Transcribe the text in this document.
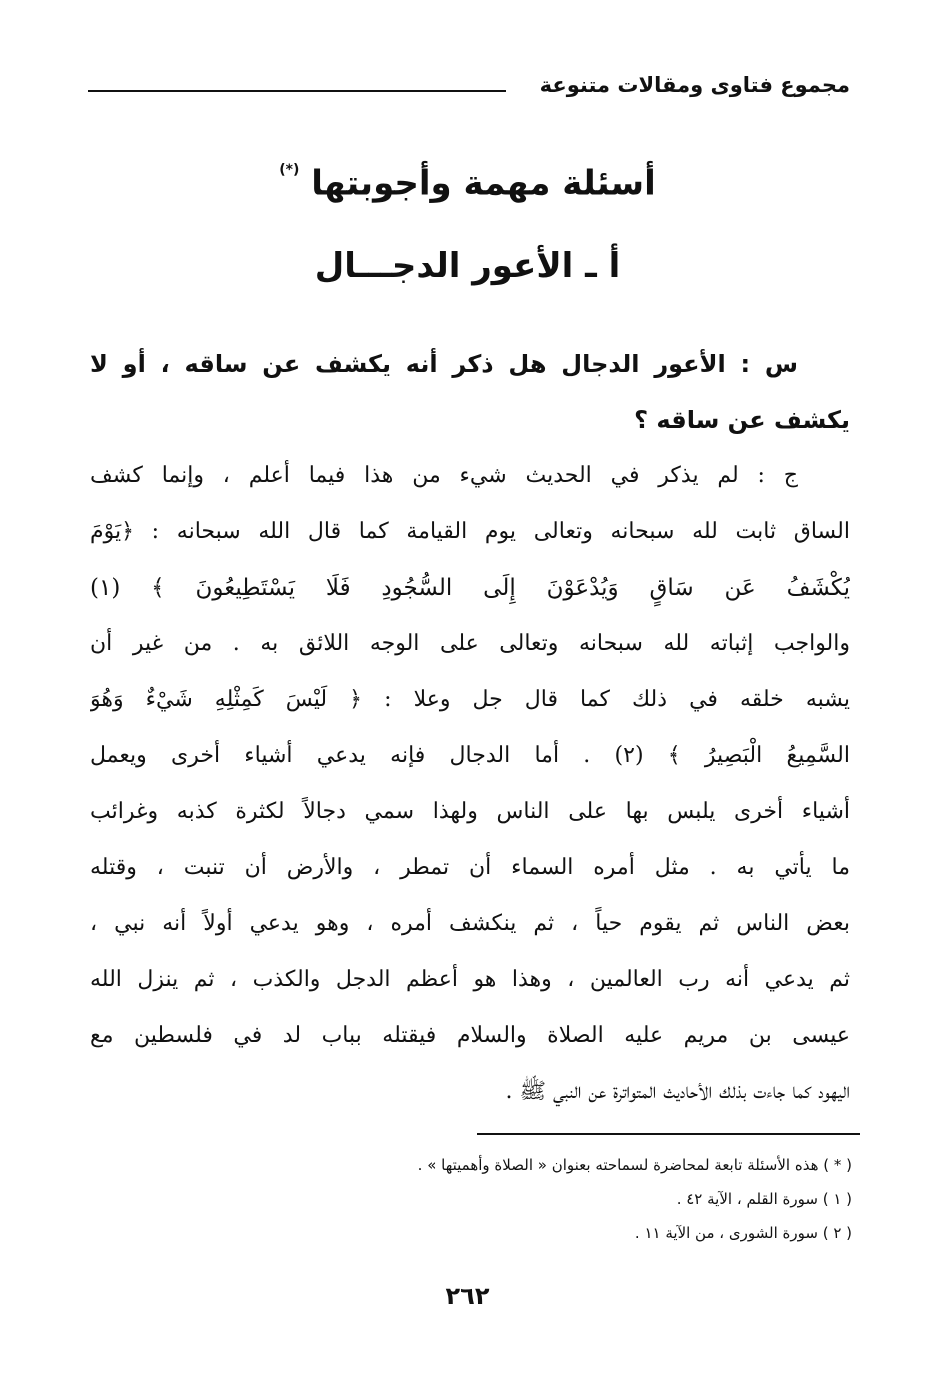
مجموع فتاوى ومقالات متنوعة
أسئلة مهمة وأجوبتها (*)
أ ـ الأعور الدجـــال
س : الأعور الدجال هل ذكر أنه يكشف عن ساقه ، أو لا
يكشف عن ساقه ؟
ج : لم يذكر في الحديث شيء من هذا فيما أعلم ، وإنما كشف
الساق ثابت لله سبحانه وتعالى يوم القيامة كما قال الله سبحانه : ﴿يَوْمَ
يُكْشَفُ عَن سَاقٍ وَيُدْعَوْنَ إِلَى السُّجُودِ فَلَا يَسْتَطِيعُونَ ﴾ (١)
والواجب إثباته لله سبحانه وتعالى على الوجه اللائق به . من غير أن
يشبه خلقه في ذلك كما قال جل وعلا : ﴿ لَيْسَ كَمِثْلِهِ شَيْءٌ وَهُوَ
السَّمِيعُ الْبَصِيرُ ﴾ (٢) . أما الدجال فإنه يدعي أشياء أخرى ويعمل
أشياء أخرى يلبس بها على الناس ولهذا سمي دجالاً لكثرة كذبه وغرائب
ما يأتي به . مثل أمره السماء أن تمطر ، والأرض أن تنبت ، وقتله
بعض الناس ثم يقوم حياً ، ثم ينكشف أمره ، وهو يدعي أولاً أنه نبي ،
ثم يدعي أنه رب العالمين ، وهذا هو أعظم الدجل والكذب ، ثم ينزل الله
عيسى بن مريم عليه الصلاة والسلام فيقتله بباب لد في فلسطين مع
اليهود كما جاءت بذلك الأحاديث المتواترة عن النبي ﷺ .
( * ) هذه الأسئلة تابعة لمحاضرة لسماحته بعنوان « الصلاة وأهميتها » .
( ١ ) سورة القلم ، الآية ٤٢ .
( ٢ ) سورة الشورى ، من الآية ١١ .
٢٦٢
